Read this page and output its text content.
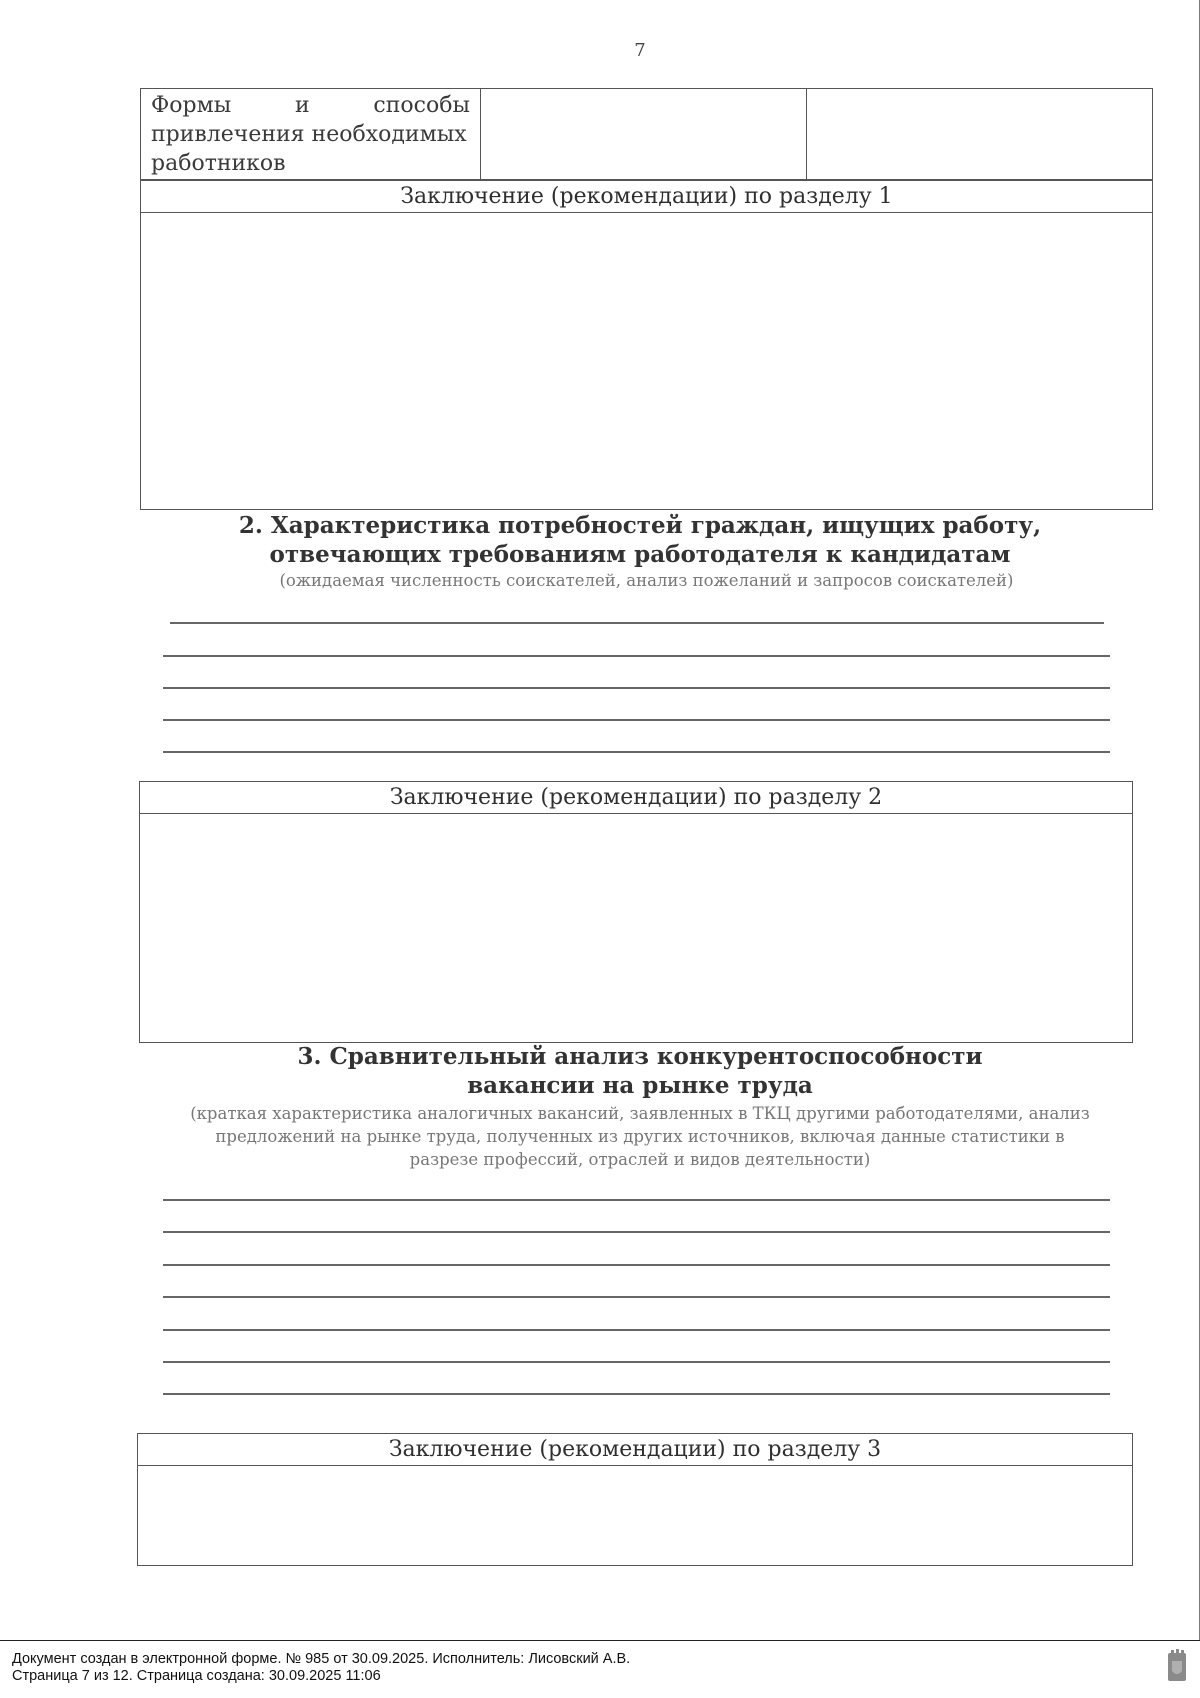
7
Формы	и	способы
привлечения необходимых
работников
Заключение (рекомендации) по разделу 1
2. Характеристика потребностей граждан, ищущих работу, отвечающих требованиям работодателя к кандидатам
(ожидаемая численность соискателей, анализ пожеланий и запросов соискателей)
Заключение (рекомендации) по разделу 2
3. Сравнительный анализ конкурентоспособности вакансии на рынке труда
(краткая характеристика аналогичных вакансий, заявленных в ТКЦ другими работодателями, анализ предложений на рынке труда, полученных из других источников, включая данные статистики в разрезе профессий, отраслей и видов деятельности)
Заключение (рекомендации) по разделу 3
Документ создан в электронной форме. № 985 от 30.09.2025. Исполнитель: Лисовский А.В.
Страница 7 из 12. Страница создана: 30.09.2025 11:06
